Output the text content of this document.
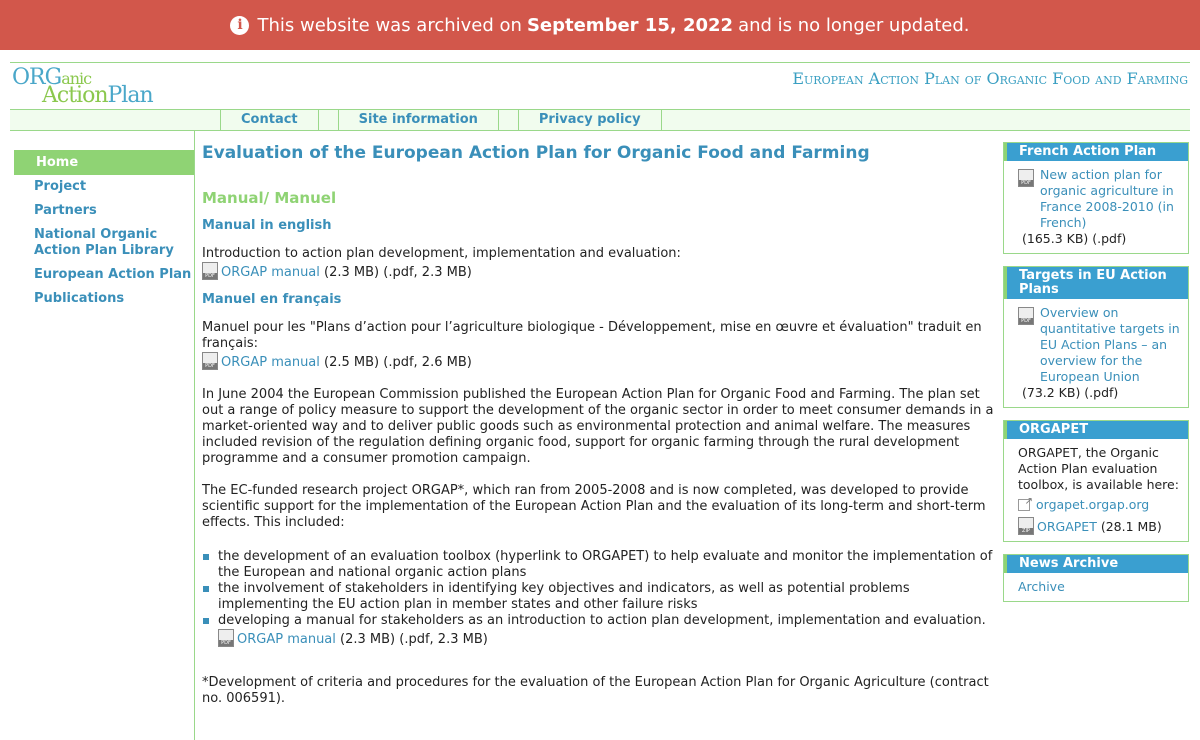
i This website was archived on September 15, 2022 and is no longer updated.
ORGanic
ActionPlan
European Action Plan of Organic Food and Farming
Contact	Site information	Privacy policy
Home
Project
Partners
National Organic Action Plan Library
European Action Plan
Publications
Evaluation of the European Action Plan for Organic Food and Farming
Manual/ Manuel
Manual in english

Introduction to action plan development, implementation and evaluation:

PDFORGAP manual (2.3 MB) (.pdf, 2.3 MB)

Manuel en français

Manuel pour les "Plans d’action pour l’agriculture biologique - Développement, mise en œuvre et évaluation" traduit en français:

PDFORGAP manual (2.5 MB) (.pdf, 2.6 MB)

In June 2004 the European Commission published the European Action Plan for Organic Food and Farming. The plan set out a range of policy measure to support the development of the organic sector in order to meet consumer demands in a market-oriented way and to deliver public goods such as environmental protection and animal welfare. The measures included revision of the regulation defining organic food, support for organic farming through the rural development programme and a consumer promotion campaign.

The EC-funded research project ORGAP*, which ran from 2005-2008 and is now completed, was developed to provide scientific support for the implementation of the European Action Plan and the evaluation of its long-term and short-term effects. This included:

the development of an evaluation toolbox (hyperlink to ORGAPET) to help evaluate and monitor the implementation of the European and national organic action plans
the involvement of stakeholders in identifying key objectives and indicators, as well as potential problems implementing the EU action plan in member states and other failure risks
developing a manual for stakeholders as an introduction to action plan development, implementation and evaluation.
PDFORGAP manual (2.3 MB) (.pdf, 2.3 MB)

*Development of criteria and procedures for the evaluation of the European Action Plan for Organic Agriculture (contract no. 006591).

French Action Plan
PDF
New action plan for organic agriculture in France 2008-2010 (in French)
(165.3 KB) (.pdf)
Targets in EU Action Plans
PDF
Overview on quantitative targets in EU Action Plans – an overview for the European Union
(73.2 KB) (.pdf)
ORGAPET
ORGAPET, the Organic Action Plan evaluation toolbox, is available here:
↗orgapet.orgap.org
ZIPORGAPET (28.1 MB)
News Archive
Archive
